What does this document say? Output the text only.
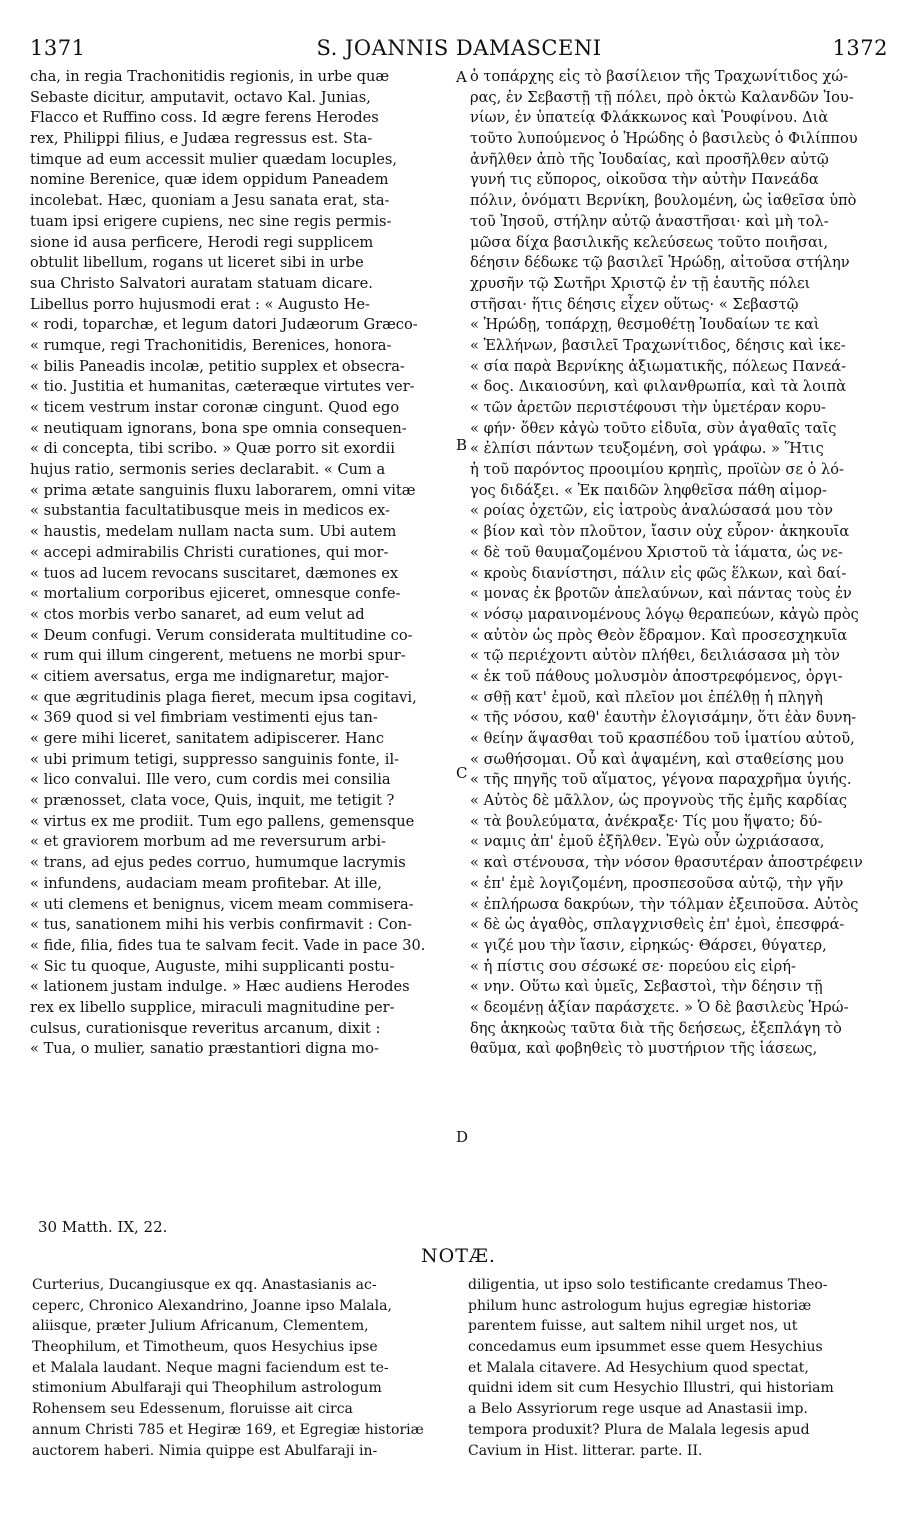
1371	S. JOANNIS DAMASCENI	1372
cha, in regia Trachonitidis regionis, in urbe quæ
Sebaste dicitur, amputavit, octavo Kal. Junias,
Flacco et Ruffino coss. Id ægre ferens Herodes
rex, Philippi filius, e Judæa regressus est. Sta-
timque ad eum accessit mulier quædam locuples,
nomine Berenice, quæ idem oppidum Paneadem
incolebat. Hæc, quoniam a Jesu sanata erat, sta-
tuam ipsi erigere cupiens, nec sine regis permis-
sione id ausa perficere, Herodi regi supplicem
obtulit libellum, rogans ut liceret sibi in urbe
sua Christo Salvatori auratam statuam dicare.
Libellus porro hujusmodi erat : « Augusto He-
« rodi, toparchæ, et legum datori Judæorum Græco-
« rumque, regi Trachonitidis, Berenices, honora-
« bilis Paneadis incolæ, petitio supplex et obsecra-
« tio. Justitia et humanitas, cæteræque virtutes ver-
« ticem vestrum instar coronæ cingunt. Quod ego
« neutiquam ignorans, bona spe omnia consequen-
« di concepta, tibi scribo. » Quæ porro sit exordii
hujus ratio, sermonis series declarabit. « Cum a
« prima ætate sanguinis fluxu laborarem, omni vitæ
« substantia facultatibusque meis in medicos ex-
« haustis, medelam nullam nacta sum. Ubi autem
« accepi admirabilis Christi curationes, qui mor-
« tuos ad lucem revocans suscitaret, dæmones ex
« mortalium corporibus ejiceret, omnesque confe-
« ctos morbis verbo sanaret, ad eum velut ad
« Deum confugi. Verum considerata multitudine co-
« rum qui illum cingerent, metuens ne morbi spur-
« citiem aversatus, erga me indignaretur, major-
« que ægritudinis plaga fieret, mecum ipsa cogitavi,
« 369 quod si vel fimbriam vestimenti ejus tan-
« gere mihi liceret, sanitatem adipiscerer. Hanc
« ubi primum tetigi, suppresso sanguinis fonte, il-
« lico convalui. Ille vero, cum cordis mei consilia
« prænosset, clata voce, Quis, inquit, me tetigit ?
« virtus ex me prodiit. Tum ego pallens, gemensque
« et graviorem morbum ad me reversurum arbi-
« trans, ad ejus pedes corruo, humumque lacrymis
« infundens, audaciam meam profitebar. At ille,
« uti clemens et benignus, vicem meam commisera-
« tus, sanationem mihi his verbis confirmavit : Con-
« fide, filia, fides tua te salvam fecit. Vade in pace 30.
« Sic tu quoque, Auguste, mihi supplicanti postu-
« lationem justam indulge. » Hæc audiens Herodes
rex ex libello supplice, miraculi magnitudine per-
culsus, curationisque reveritus arcanum, dixit :
« Tua, o mulier, sanatio præstantiori digna mo-
ὁ τοπάρχης εἰς τὸ βασίλειον τῆς Τραχωνίτιδος χώ-
ρας, ἐν Σεβαστῇ τῇ πόλει, πρὸ ὀκτὼ Καλανδῶν Ἰου-
νίων, ἐν ὑπατείᾳ Φλάκκωνος καὶ Ῥουφίνου. Διὰ
τοῦτο λυπούμενος ὁ Ἡρώδης ὁ βασιλεὺς ὁ Φιλίππου
ἀνῆλθεν ἀπὸ τῆς Ἰουδαίας, καὶ προσῆλθεν αὐτῷ
γυνή τις εὔπορος, οἰκοῦσα τὴν αὐτὴν Πανεάδα
πόλιν, ὀνόματι Βερνίκη, βουλομένη, ὡς ἰαθεῖσα ὑπὸ
τοῦ Ἰησοῦ, στήλην αὐτῷ ἀναστῆσαι· καὶ μὴ τολ-
μῶσα δίχα βασιλικῆς κελεύσεως τοῦτο ποιῆσαι,
δέησιν δέδωκε τῷ βασιλεῖ Ἡρώδῃ, αἰτοῦσα στήλην
χρυσῆν τῷ Σωτῆρι Χριστῷ ἐν τῇ ἑαυτῆς πόλει
στῆσαι· ἥτις δέησις εἶχεν οὕτως· « Σεβαστῷ
« Ἡρώδῃ, τοπάρχῃ, θεσμοθέτῃ Ἰουδαίων τε καὶ
« Ἑλλήνων, βασιλεῖ Τραχωνίτιδος, δέησις καὶ ἱκε-
« σία παρὰ Βερνίκης ἀξιωματικῆς, πόλεως Πανεά-
« δος. Δικαιοσύνη, καὶ φιλανθρωπία, καὶ τὰ λοιπὰ
« τῶν ἀρετῶν περιστέφουσι τὴν ὑμετέραν κορυ-
« φήν· ὅθεν κἀγὼ τοῦτο εἰδυῖα, σὺν ἀγαθαῖς ταῖς
« ἐλπίσι πάντων τευξομένη, σοὶ γράφω. » Ἥτις
ἡ τοῦ παρόντος προοιμίου κρηπὶς, προϊὼν σε ὁ λό-
γος διδάξει. « Ἐκ παιδῶν ληφθεῖσα πάθη αἱμορ-
« ροίας ὀχετῶν, εἰς ἰατροὺς ἀναλώσασά μου τὸν
« βίον καὶ τὸν πλοῦτον, ἴασιν οὐχ εὗρον· ἀκηκουῖα
« δὲ τοῦ θαυμαζομένου Χριστοῦ τὰ ἰάματα, ὡς νε-
« κροὺς διανίστησι, πάλιν εἰς φῶς ἕλκων, καὶ δαί-
« μονας ἐκ βροτῶν ἀπελαύνων, καὶ πάντας τοὺς ἐν
« νόσῳ μαραινομένους λόγῳ θεραπεύων, κἀγὼ πρὸς
« αὐτὸν ὡς πρὸς Θεὸν ἔδραμον. Καὶ προσεσχηκυῖα
« τῷ περιέχοντι αὐτὸν πλήθει, δειλιάσασα μὴ τὸν
« ἐκ τοῦ πάθους μολυσμὸν ἀποστρεφόμενος, ὀργι-
« σθῇ κατ' ἐμοῦ, καὶ πλεῖον μοι ἐπέλθῃ ἡ πληγὴ
« τῆς νόσου, καθ' ἑαυτὴν ἐλογισάμην, ὅτι ἐὰν δυνη-
« θείην ἅψασθαι τοῦ κρασπέδου τοῦ ἱματίου αὐτοῦ,
« σωθήσομαι. Οὗ καὶ ἁψαμένη, καὶ σταθείσης μου
« τῆς πηγῆς τοῦ αἵματος, γέγονα παραχρῆμα ὑγιής.
« Αὐτὸς δὲ μᾶλλον, ὡς προγνοὺς τῆς ἐμῆς καρδίας
« τὰ βουλεύματα, ἀνέκραξε· Τίς μου ἥψατο; δύ-
« ναμις ἀπ' ἐμοῦ ἐξῆλθεν. Ἐγὼ οὖν ὠχριάσασα,
« καὶ στένουσα, τὴν νόσον θρασυτέραν ἀποστρέφειν
« ἐπ' ἐμὲ λογιζομένη, προσπεσοῦσα αὐτῷ, τὴν γῆν
« ἐπλήρωσα δακρύων, τὴν τόλμαν ἐξειποῦσα. Αὐτὸς
« δὲ ὡς ἀγαθὸς, σπλαγχνισθεὶς ἐπ' ἐμοὶ, ἐπεσφρά-
« γιζέ μου τὴν ἴασιν, εἰρηκώς· Θάρσει, θύγατερ,
« ἡ πίστις σου σέσωκέ σε· πορεύου εἰς εἰρή-
« νην. Οὕτω καὶ ὑμεῖς, Σεβαστοὶ, τὴν δέησιν τῇ
« δεομένῃ ἀξίαν παράσχετε. » Ὁ δὲ βασιλεὺς Ἡρώ-
δης ἀκηκοὼς ταῦτα διὰ τῆς δεήσεως, ἐξεπλάγη τὸ
θαῦμα, καὶ φοβηθεὶς τὸ μυστήριον τῆς ἰάσεως,
A
B
C
D
30 Matth. IX, 22.
NOTÆ.
Curterius, Ducangiusque ex qq. Anastasianis ac-
ceperc, Chronico Alexandrino, Joanne ipso Malala,
aliisque, præter Julium Africanum, Clementem,
Theophilum, et Timotheum, quos Hesychius ipse
et Malala laudant. Neque magni faciendum est te-
stimonium Abulfaraji qui Theophilum astrologum
Rohensem seu Edessenum, floruisse ait circa
annum Christi 785 et Hegiræ 169, et Egregiæ historiæ
auctorem haberi. Nimia quippe est Abulfaraji in-
diligentia, ut ipso solo testificante credamus Theo-
philum hunc astrologum hujus egregiæ historiæ
parentem fuisse, aut saltem nihil urget nos, ut
concedamus eum ipsummet esse quem Hesychius
et Malala citavere. Ad Hesychium quod spectat,
quidni idem sit cum Hesychio Illustri, qui historiam
a Belo Assyriorum rege usque ad Anastasii imp.
tempora produxit? Plura de Malala legesis apud
Cavium in Hist. litterar. parte. II.
